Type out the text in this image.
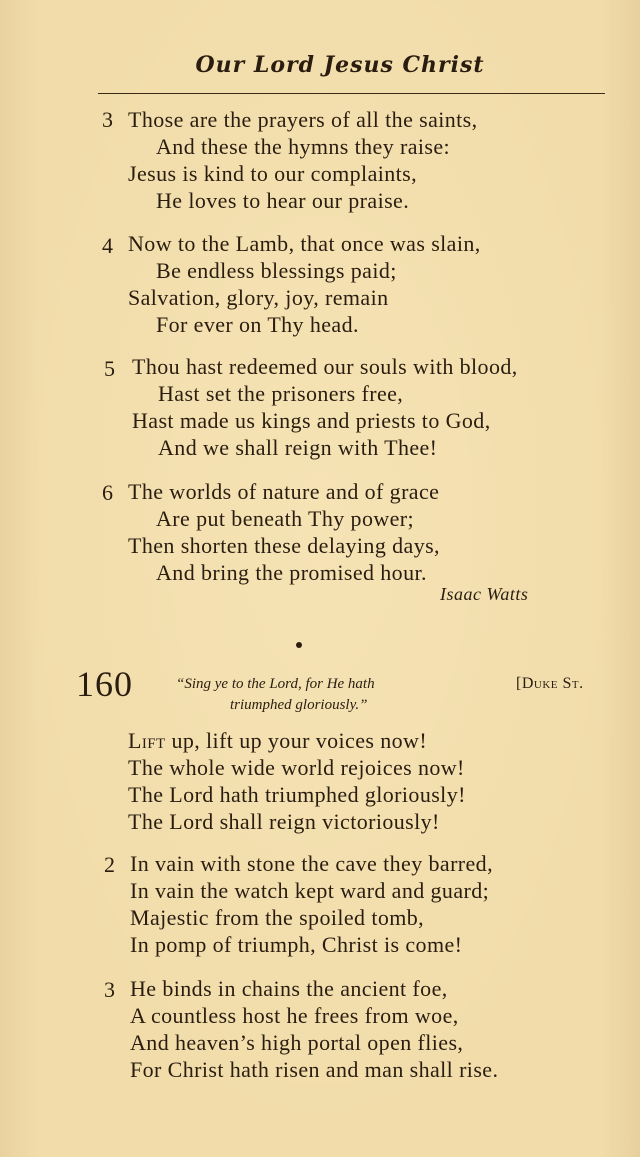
Our Lord Jesus Christ
3 Those are the prayers of all the saints,
And these the hymns they raise:
Jesus is kind to our complaints,
He loves to hear our praise.
4 Now to the Lamb, that once was slain,
Be endless blessings paid;
Salvation, glory, joy, remain
For ever on Thy head.
5 Thou hast redeemed our souls with blood,
Hast set the prisoners free,
Hast made us kings and priests to God,
And we shall reign with Thee!
6 The worlds of nature and of grace
Are put beneath Thy power;
Then shorten these delaying days,
And bring the promised hour.
Isaac Watts
160	“Sing ye to the Lord, for He hath
triumphed gloriously.”
[Duke St.
Lift up, lift up your voices now!
The whole wide world rejoices now!
The Lord hath triumphed gloriously!
The Lord shall reign victoriously!
2 In vain with stone the cave they barred,
In vain the watch kept ward and guard;
Majestic from the spoiled tomb,
In pomp of triumph, Christ is come!
3 He binds in chains the ancient foe,
A countless host he frees from woe,
And heaven’s high portal open flies,
For Christ hath risen and man shall rise.
